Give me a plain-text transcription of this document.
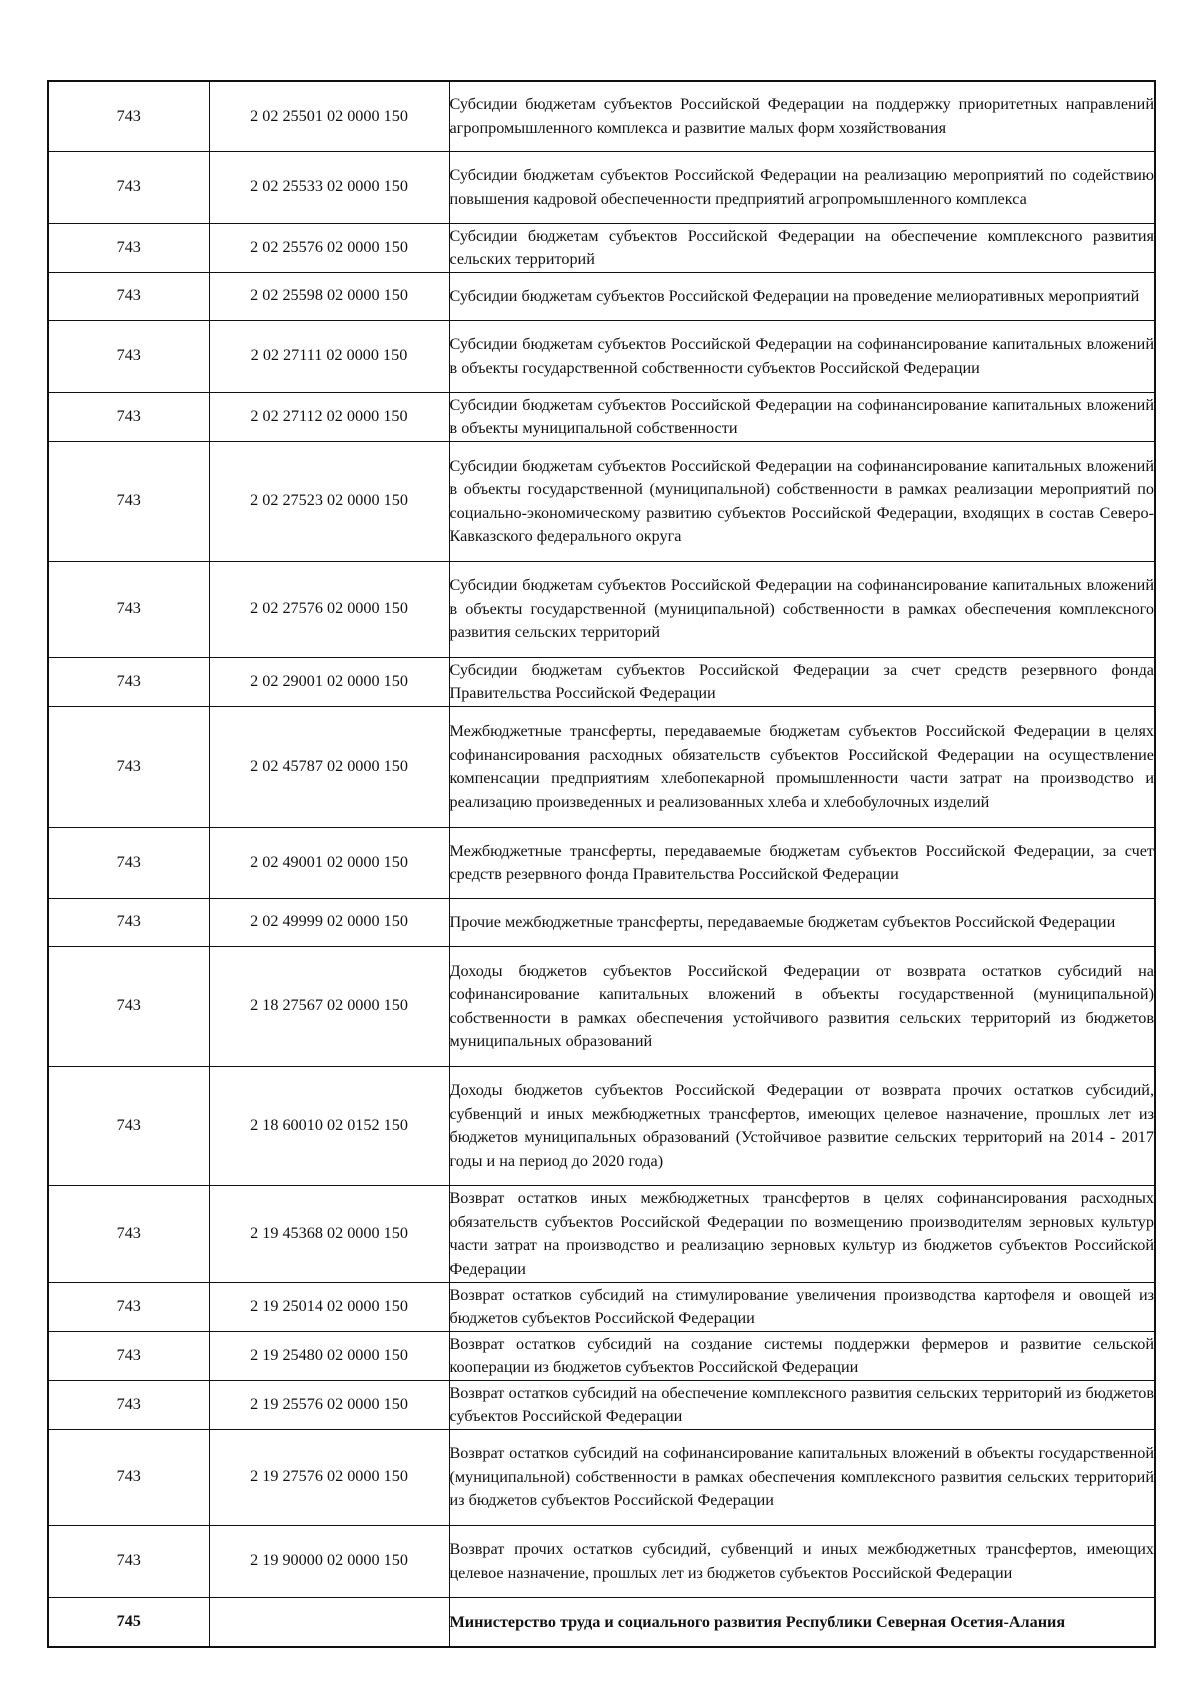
743	2 02 25501 02 0000 150	Субсидии бюджетам субъектов Российской Федерации на поддержку приоритетных направлений агропромышленного комплекса и развитие малых форм хозяйствования

743	2 02 25533 02 0000 150	Субсидии бюджетам субъектов Российской Федерации на реализацию мероприятий по содействию повышения кадровой обеспеченности предприятий агропромышленного комплекса

743	2 02 25576 02 0000 150	Субсидии бюджетам субъектов Российской Федерации на обеспечение комплексного развития сельских территорий

743	2 02 25598 02 0000 150	Субсидии бюджетам субъектов Российской Федерации на проведение мелиоративных мероприятий

743	2 02 27111 02 0000 150	Субсидии бюджетам субъектов Российской Федерации на софинансирование капитальных вложений в объекты государственной собственности субъектов Российской Федерации

743	2 02 27112 02 0000 150	Субсидии бюджетам субъектов Российской Федерации на софинансирование капитальных вложений в объекты муниципальной собственности

743	2 02 27523 02 0000 150	Субсидии бюджетам субъектов Российской Федерации на софинансирование капитальных вложений в объекты государственной (муниципальной) собственности в рамках реализации мероприятий по социально-экономическому развитию субъектов Российской Федерации, входящих в состав Северо-Кавказского федерального округа

743	2 02 27576 02 0000 150	Субсидии бюджетам субъектов Российской Федерации на софинансирование капитальных вложений в объекты государственной (муниципальной) собственности в рамках обеспечения комплексного развития сельских территорий

743	2 02 29001 02 0000 150	Субсидии бюджетам субъектов Российской Федерации за счет средств резервного фонда Правительства Российской Федерации

743	2 02 45787 02 0000 150	Межбюджетные трансферты, передаваемые бюджетам субъектов Российской Федерации в целях софинансирования расходных обязательств субъектов Российской Федерации на осуществление компенсации предприятиям хлебопекарной промышленности части затрат на производство и реализацию произведенных и реализованных хлеба и хлебобулочных изделий

743	2 02 49001 02 0000 150	Межбюджетные трансферты, передаваемые бюджетам субъектов Российской Федерации, за счет средств резервного фонда Правительства Российской Федерации

743	2 02 49999 02 0000 150	Прочие межбюджетные трансферты, передаваемые бюджетам субъектов Российской Федерации

743	2 18 27567 02 0000 150	Доходы бюджетов субъектов Российской Федерации от возврата остатков субсидий на софинансирование капитальных вложений в объекты государственной (муниципальной) собственности в рамках обеспечения устойчивого развития сельских территорий из бюджетов муниципальных образований

743	2 18 60010 02 0152 150	Доходы бюджетов субъектов Российской Федерации от возврата прочих остатков субсидий, субвенций и иных межбюджетных трансфертов, имеющих целевое назначение, прошлых лет из бюджетов муниципальных образований (Устойчивое развитие сельских территорий на 2014 - 2017 годы и на период до 2020 года)

743	2 19 45368 02 0000 150	Возврат остатков иных межбюджетных трансфертов в целях софинансирования расходных обязательств субъектов Российской Федерации по возмещению производителям зерновых культур части затрат на производство и реализацию зерновых культур из бюджетов субъектов Российской Федерации

743	2 19 25014 02 0000 150	Возврат остатков субсидий на стимулирование увеличения производства картофеля и овощей из бюджетов субъектов Российской Федерации

743	2 19 25480 02 0000 150	Возврат остатков субсидий на создание системы поддержки фермеров и развитие сельской кооперации из бюджетов субъектов Российской Федерации

743	2 19 25576 02 0000 150	Возврат остатков субсидий на обеспечение комплексного развития сельских территорий из бюджетов субъектов Российской Федерации

743	2 19 27576 02 0000 150	Возврат остатков субсидий на софинансирование капитальных вложений в объекты государственной (муниципальной) собственности в рамках обеспечения комплексного развития сельских территорий из бюджетов субъектов Российской Федерации

743	2 19 90000 02 0000 150	Возврат прочих остатков субсидий, субвенций и иных межбюджетных трансфертов, имеющих целевое назначение, прошлых лет из бюджетов субъектов Российской Федерации

745		Министерство труда и социального развития Республики Северная Осетия-Алания
